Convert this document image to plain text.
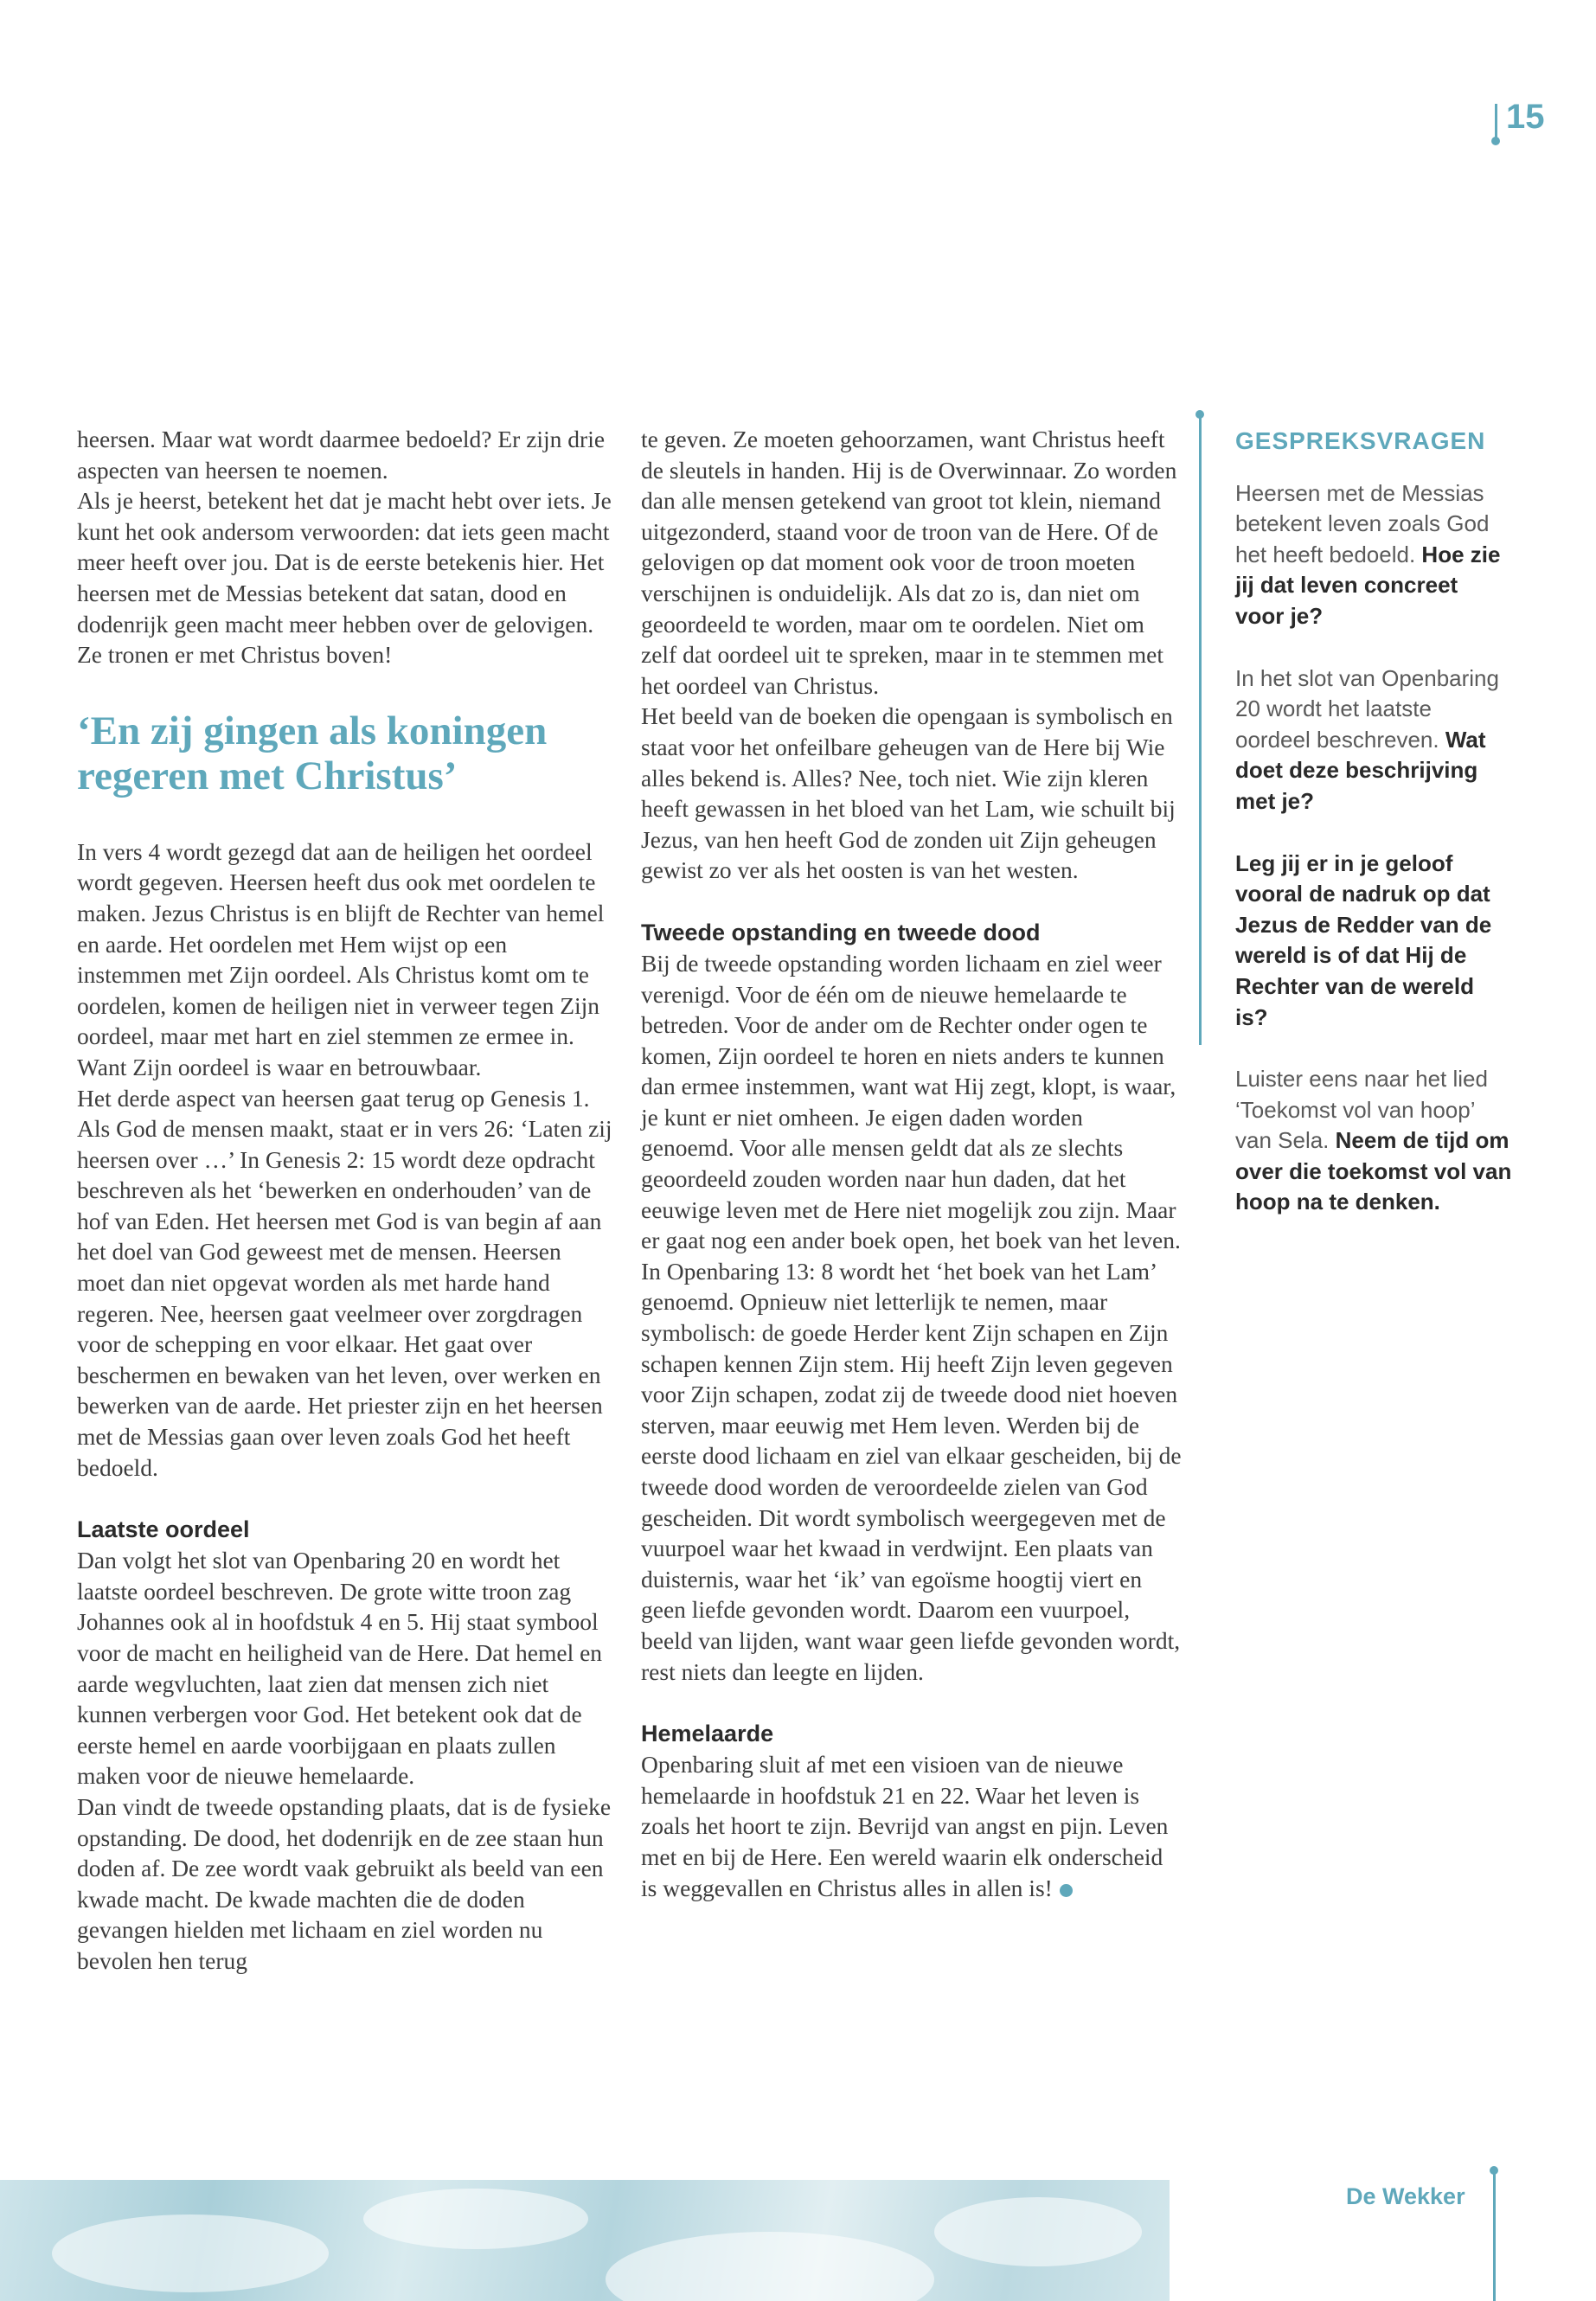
15

heersen. Maar wat wordt daarmee bedoeld? Er zijn drie aspecten van heersen te noemen.

Als je heerst, betekent het dat je macht hebt over iets. Je kunt het ook andersom verwoorden: dat iets geen macht meer heeft over jou. Dat is de eerste betekenis hier. Het heersen met de Messias betekent dat satan, dood en dodenrijk geen macht meer hebben over de gelovigen. Ze tronen er met Christus boven!

‘En zij gingen als koningen regeren met Christus’

In vers 4 wordt gezegd dat aan de heiligen het oordeel wordt gegeven. Heersen heeft dus ook met oordelen te maken. Jezus Christus is en blijft de Rechter van hemel en aarde. Het oordelen met Hem wijst op een instemmen met Zijn oordeel. Als Christus komt om te oordelen, komen de heiligen niet in verweer tegen Zijn oordeel, maar met hart en ziel stemmen ze ermee in. Want Zijn oordeel is waar en betrouwbaar.

Het derde aspect van heersen gaat terug op Genesis 1. Als God de mensen maakt, staat er in vers 26: ‘Laten zij heersen over …’ In Genesis 2: 15 wordt deze opdracht beschreven als het ‘bewerken en onderhouden’ van de hof van Eden. Het heersen met God is van begin af aan het doel van God geweest met de mensen. Heersen moet dan niet opgevat worden als met harde hand regeren. Nee, heersen gaat veelmeer over zorgdragen voor de schepping en voor elkaar. Het gaat over beschermen en bewaken van het leven, over werken en bewerken van de aarde. Het priester zijn en het heersen met de Messias gaan over leven zoals God het heeft bedoeld.

Laatste oordeel

Dan volgt het slot van Openbaring 20 en wordt het laatste oordeel beschreven. De grote witte troon zag Johannes ook al in hoofdstuk 4 en 5. Hij staat symbool voor de macht en heiligheid van de Here. Dat hemel en aarde wegvluchten, laat zien dat mensen zich niet kunnen verbergen voor God. Het betekent ook dat de eerste hemel en aarde voorbijgaan en plaats zullen maken voor de nieuwe hemelaarde.

Dan vindt de tweede opstanding plaats, dat is de fysieke opstanding. De dood, het dodenrijk en de zee staan hun doden af. De zee wordt vaak gebruikt als beeld van een kwade macht. De kwade machten die de doden gevangen hielden met lichaam en ziel worden nu bevolen hen terug

te geven. Ze moeten gehoorzamen, want Christus heeft de sleutels in handen. Hij is de Overwinnaar. Zo worden dan alle mensen getekend van groot tot klein, niemand uitgezonderd, staand voor de troon van de Here. Of de gelovigen op dat moment ook voor de troon moeten verschijnen is onduidelijk. Als dat zo is, dan niet om geoordeeld te worden, maar om te oordelen. Niet om zelf dat oordeel uit te spreken, maar in te stemmen met het oordeel van Christus.

Het beeld van de boeken die opengaan is symbolisch en staat voor het onfeilbare geheugen van de Here bij Wie alles bekend is. Alles? Nee, toch niet. Wie zijn kleren heeft gewassen in het bloed van het Lam, wie schuilt bij Jezus, van hen heeft God de zonden uit Zijn geheugen gewist zo ver als het oosten is van het westen.

Tweede opstanding en tweede dood

Bij de tweede opstanding worden lichaam en ziel weer verenigd. Voor de één om de nieuwe hemelaarde te betreden. Voor de ander om de Rechter onder ogen te komen, Zijn oordeel te horen en niets anders te kunnen dan ermee instemmen, want wat Hij zegt, klopt, is waar, je kunt er niet omheen. Je eigen daden worden genoemd. Voor alle mensen geldt dat als ze slechts geoordeeld zouden worden naar hun daden, dat het eeuwige leven met de Here niet mogelijk zou zijn. Maar er gaat nog een ander boek open, het boek van het leven. In Openbaring 13: 8 wordt het ‘het boek van het Lam’ genoemd. Opnieuw niet letterlijk te nemen, maar symbolisch: de goede Herder kent Zijn schapen en Zijn schapen kennen Zijn stem. Hij heeft Zijn leven gegeven voor Zijn schapen, zodat zij de tweede dood niet hoeven sterven, maar eeuwig met Hem leven. Werden bij de eerste dood lichaam en ziel van elkaar gescheiden, bij de tweede dood worden de veroordeelde zielen van God gescheiden. Dit wordt symbolisch weergegeven met de vuurpoel waar het kwaad in verdwijnt. Een plaats van duisternis, waar het ‘ik’ van egoïsme hoogtij viert en geen liefde gevonden wordt. Daarom een vuurpoel, beeld van lijden, want waar geen liefde gevonden wordt, rest niets dan leegte en lijden.

Hemelaarde

Openbaring sluit af met een visioen van de nieuwe hemelaarde in hoofdstuk 21 en 22. Waar het leven is zoals het hoort te zijn. Bevrijd van angst en pijn. Leven met en bij de Here. Een wereld waarin elk onderscheid is weggevallen en Christus alles in allen is!

GESPREKSVRAGEN

Heersen met de Messias betekent leven zoals God het heeft bedoeld. Hoe zie jij dat leven concreet voor je?

In het slot van Openbaring 20 wordt het laatste oordeel beschreven. Wat doet deze beschrijving met je?

Leg jij er in je geloof vooral de nadruk op dat Jezus de Redder van de wereld is of dat Hij de Rechter van de wereld is?

Luister eens naar het lied ‘Toekomst vol van hoop’ van Sela. Neem de tijd om over die toekomst vol van hoop na te denken.

De Wekker
